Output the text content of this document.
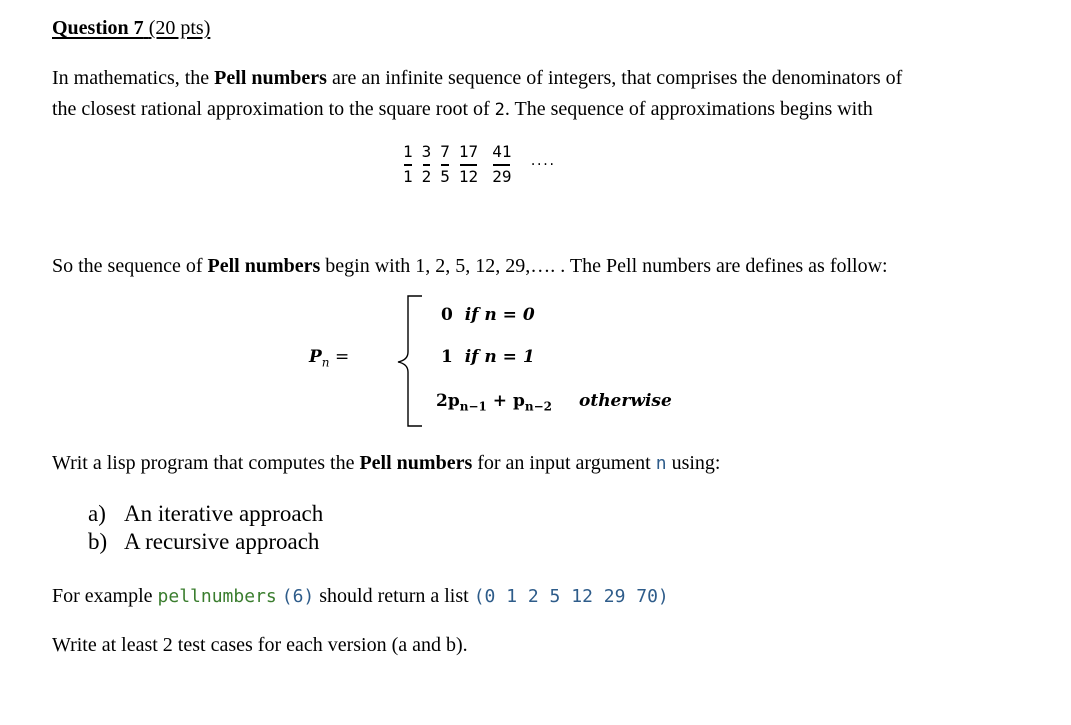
Question 7 (20 pts)
In mathematics, the Pell numbers are an infinite sequence of integers, that comprises the denominators of
the closest rational approximation to the square root of 2. The sequence of approximations begins with
$\frac{1}{1} \frac{3}{2} \frac{7}{5} \frac{17}{12} \frac{41}{29}$ ....
So the sequence of Pell numbers begin with 1, 2, 5, 12, 29,…. . The Pell numbers are defines as follow:
$P_n$ =
0 if n = 0
1 if n = 1
$2p_{n-1} + p_{n-2}$ otherwise
Writ a lisp program that computes the Pell numbers for an input argument n using:
a) An iterative approach
b) A recursive approach
For example pellnumbers (6) should return a list (0 1 2 5 12 29 70)
Write at least 2 test cases for each version (a and b).
